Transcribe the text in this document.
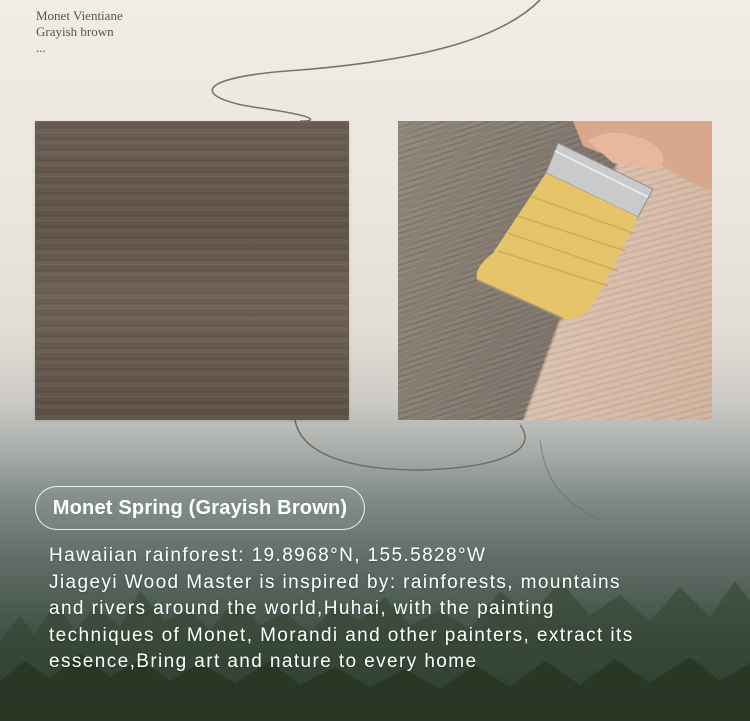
Monet Vientiane
Grayish brown
...
Monet Spring (Grayish Brown)
Hawaiian rainforest: 19.8968°N, 155.5828°W
Jiageyi Wood Master is inspired by: rainforests, mountains
and rivers around the world,Huhai, with the painting
techniques of Monet, Morandi and other painters, extract its
essence,Bring art and nature to every home
